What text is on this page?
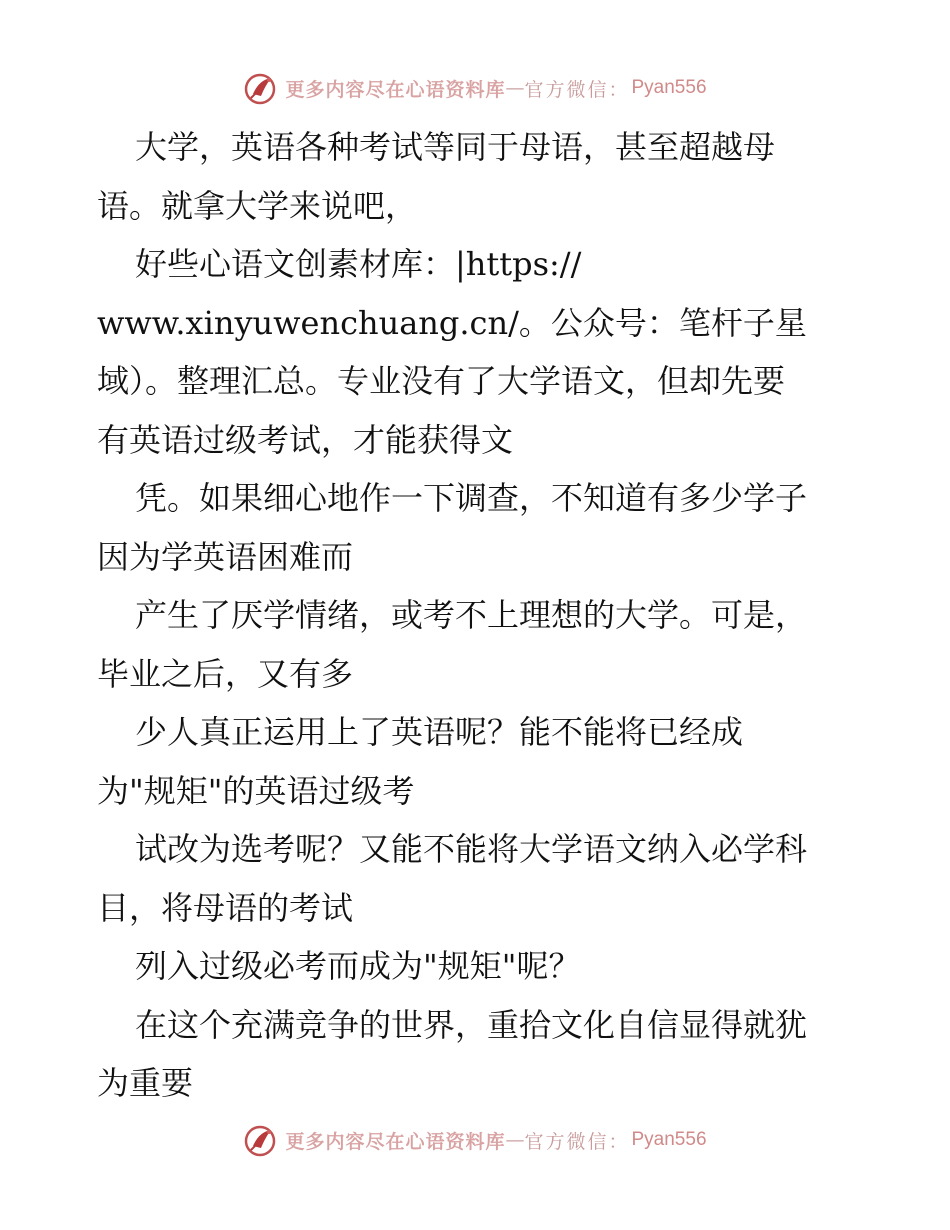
更多内容尽在心语资料库 — 官方微信： Pyan556
大学，英语各种考试等同于母语，甚至超越母
语。就拿大学来说吧，
好些心语文创素材库：|https://
www.xinyuwenchuang.cn/。公众号：笔杆子星
域）。整理汇总。专业没有了大学语文，但却先要
有英语过级考试，才能获得文
凭。如果细心地作一下调查，不知道有多少学子
因为学英语困难而
产生了厌学情绪，或考不上理想的大学。可是，
毕业之后，又有多
少人真正运用上了英语呢？能不能将已经成
为"规矩"的英语过级考
试改为选考呢？又能不能将大学语文纳入必学科
目，将母语的考试
列入过级必考而成为"规矩"呢？
在这个充满竞争的世界，重拾文化自信显得就犹
为重要
更多内容尽在心语资料库 — 官方微信： Pyan556
